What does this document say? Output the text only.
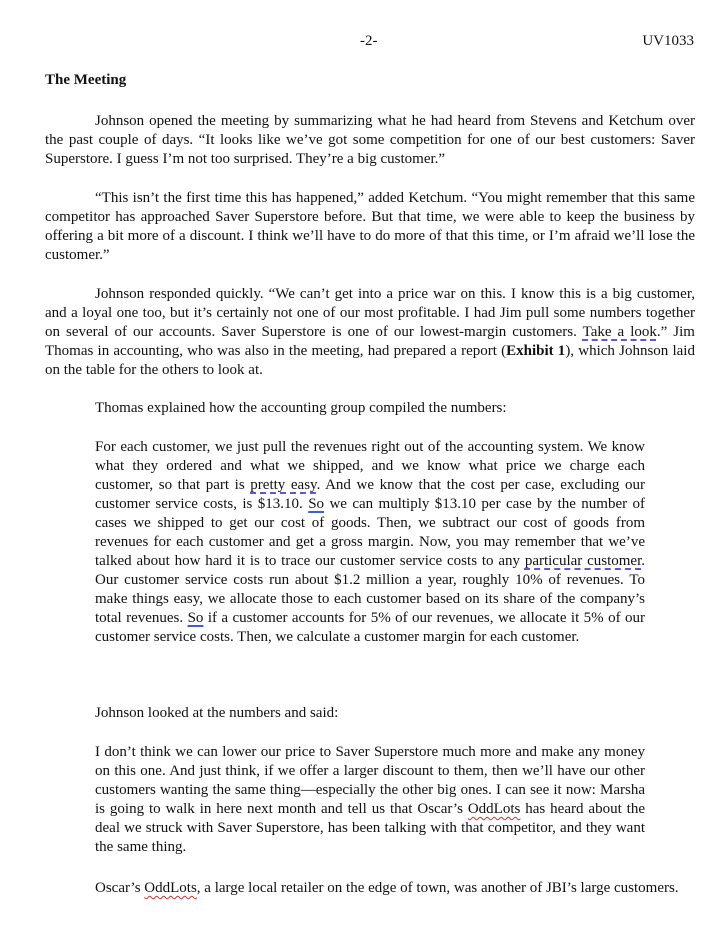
-2-	UV1033
The Meeting

Johnson opened the meeting by summarizing what he had heard from Stevens and Ketchum over the past couple of days. “It looks like we’ve got some competition for one of our best customers: Saver Superstore. I guess I’m not too surprised. They’re a big customer.”

“This isn’t the first time this has happened,” added Ketchum. “You might remember that this same competitor has approached Saver Superstore before. But that time, we were able to keep the business by offering a bit more of a discount. I think we’ll have to do more of that this time, or I’m afraid we’ll lose the customer.”

Johnson responded quickly. “We can’t get into a price war on this. I know this is a big customer, and a loyal one too, but it’s certainly not one of our most profitable. I had Jim pull some numbers together on several of our accounts. Saver Superstore is one of our lowest-margin customers. Take a look.” Jim Thomas in accounting, who was also in the meeting, had prepared a report (Exhibit 1), which Johnson laid on the table for the others to look at.

Thomas explained how the accounting group compiled the numbers:

For each customer, we just pull the revenues right out of the accounting system. We know what they ordered and what we shipped, and we know what price we charge each customer, so that part is pretty easy. And we know that the cost per case, excluding our customer service costs, is $13.10. So we can multiply $13.10 per case by the number of cases we shipped to get our cost of goods. Then, we subtract our cost of goods from revenues for each customer and get a gross margin. Now, you may remember that we’ve talked about how hard it is to trace our customer service costs to any particular customer. Our customer service costs run about $1.2 million a year, roughly 10% of revenues. To make things easy, we allocate those to each customer based on its share of the company’s total revenues. So if a customer accounts for 5% of our revenues, we allocate it 5% of our customer service costs. Then, we calculate a customer margin for each customer.

Johnson looked at the numbers and said:

I don’t think we can lower our price to Saver Superstore much more and make any money on this one. And just think, if we offer a larger discount to them, then we’ll have our other customers wanting the same thing—especially the other big ones. I can see it now: Marsha is going to walk in here next month and tell us that Oscar’s OddLots has heard about the deal we struck with Saver Superstore, has been talking with that competitor, and they want the same thing.

Oscar’s OddLots, a large local retailer on the edge of town, was another of JBI’s large customers.
